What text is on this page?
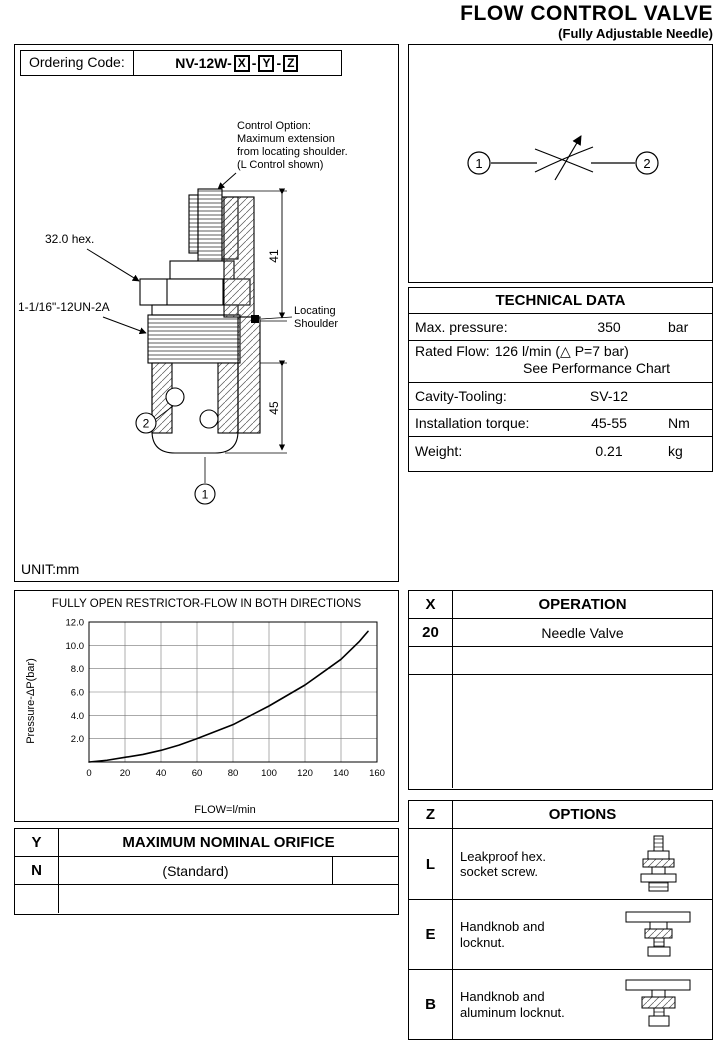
FLOW CONTROL VALVE
(Fully Adjustable Needle)
Ordering Code:	NV-12W- X - Y - Z
Control Option:
Maximum extension
from locating shoulder.
(L Control shown)
41
45
Locating
Shoulder
32.0 hex.
1-1/16"-12UN-2A
2
1
UNIT:mm
1	2
TECHNICAL DATA
Max. pressure:	350	bar
Rated Flow: 126 l/min (△ P=7 bar)
See Performance Chart
Cavity-Tooling:	SV-12
Installation torque:	45-55	Nm
Weight:	0.21	kg
FULLY OPEN RESTRICTOR-FLOW IN BOTH DIRECTIONS
Pressure-ΔP(bar)
0	20	40	60	80 100 120 140 160
2.0
4.0
6.0
8.0
10.0
12.0
FLOW=l/min
X	OPERATION
20	Needle Valve
Y	MAXIMUM NOMINAL ORIFICE
N	(Standard)
Z	OPTIONS
L	Leakproof hex.
socket screw.
E	Handknob and
locknut.
B	Handknob and
aluminum locknut.
